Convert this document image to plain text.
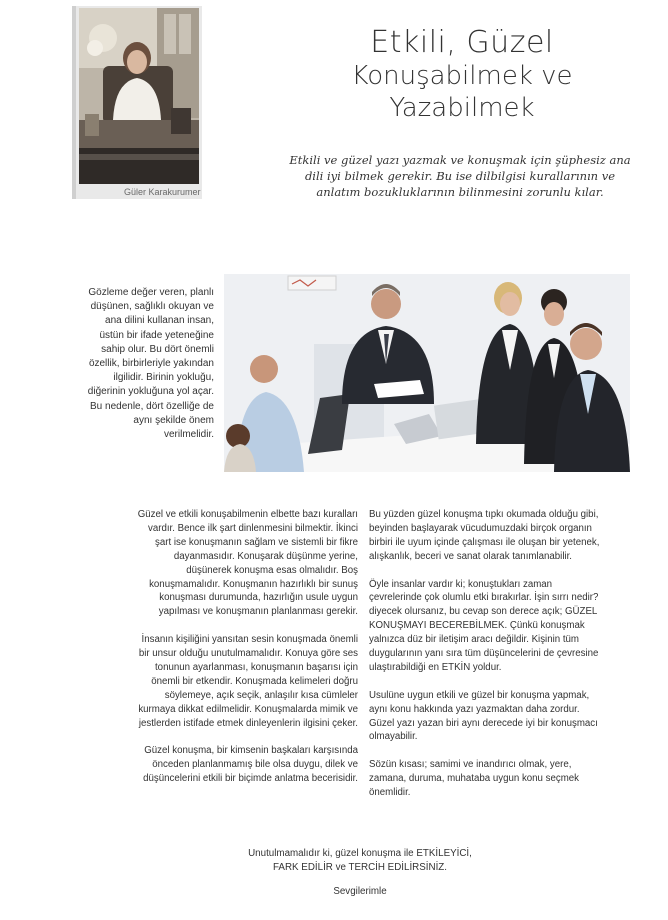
Güler Karakurumer
Etkili, Güzel
Konuşabilmek ve
Yazabilmek
Etkili ve güzel yazı yazmak ve konuşmak için şüphesiz ana dili iyi bilmek gerekir. Bu ise dilbilgisi kurallarının ve anlatım bozukluklarının bilinmesini zorunlu kılar.
Gözleme değer veren, planlı düşünen, sağlıklı okuyan ve ana dilini kullanan insan, üstün bir ifade yeteneğine sahip olur. Bu dört önemli özellik, birbirleriyle yakından ilgilidir. Birinin yokluğu, diğerinin yokluğuna yol açar. Bu nedenle, dört özelliğe de aynı şekilde önem verilmelidir.

Güzel ve etkili konuşabilmenin elbette bazı kuralları vardır. Bence ilk şart dinlenmesini bilmektir. İkinci şart ise konuşmanın sağlam ve sistemli bir fikre dayanmasıdır. Konuşarak düşünme yerine, düşünerek konuşma esas olmalıdır. Boş konuşmamalıdır. Konuşmanın hazırlıklı bir sunuş konuşması durumunda, hazırlığın usule uygun yapılması ve konuşmanın planlanması gerekir.

İnsanın kişiliğini yansıtan sesin konuşmada önemli bir unsur olduğu unutulmamalıdır. Konuya göre ses tonunun ayarlanması, konuşmanın başarısı için önemli bir etkendir. Konuşmada kelimeleri doğru söylemeye, açık seçik, anlaşılır kısa cümleler kurmaya dikkat edilmelidir. Konuşmalarda mimik ve jestlerden istifade etmek dinleyenlerin ilgisini çeker.

Güzel konuşma, bir kimsenin başkaları karşısında önceden planlanmamış bile olsa duygu, dilek ve düşüncelerini etkili bir biçimde anlatma becerisidir.

Bu yüzden güzel konuşma tıpkı okumada olduğu gibi, beyinden başlayarak vücudumuzdaki birçok organın birbiri ile uyum içinde çalışması ile oluşan bir yetenek, alışkanlık, beceri ve sanat olarak tanımlanabilir.

Öyle insanlar vardır ki; konuştukları zaman çevrelerinde çok olumlu etki bırakırlar. İşin sırrı nedir? diyecek olursanız, bu cevap son derece açık; GÜZEL KONUŞMAYI BECEREBİLMEK. Çünkü konuşmak yalnızca düz bir iletişim aracı değildir. Kişinin tüm duygularının yanı sıra tüm düşüncelerini de çevresine ulaştırabildiği en ETKİN yoldur.

Usulüne uygun etkili ve güzel bir konuşma yapmak, aynı konu hakkında yazı yazmaktan daha zordur. Güzel yazı yazan biri aynı derecede iyi bir konuşmacı olmayabilir.

Sözün kısası; samimi ve inandırıcı olmak, yere, zamana, duruma, muhataba uygun konu seçmek önemlidir.

Unutulmamalıdır ki, güzel konuşma ile ETKİLEYİCİ,
FARK EDİLİR ve TERCİH EDİLİRSİNİZ.
Sevgilerimle
